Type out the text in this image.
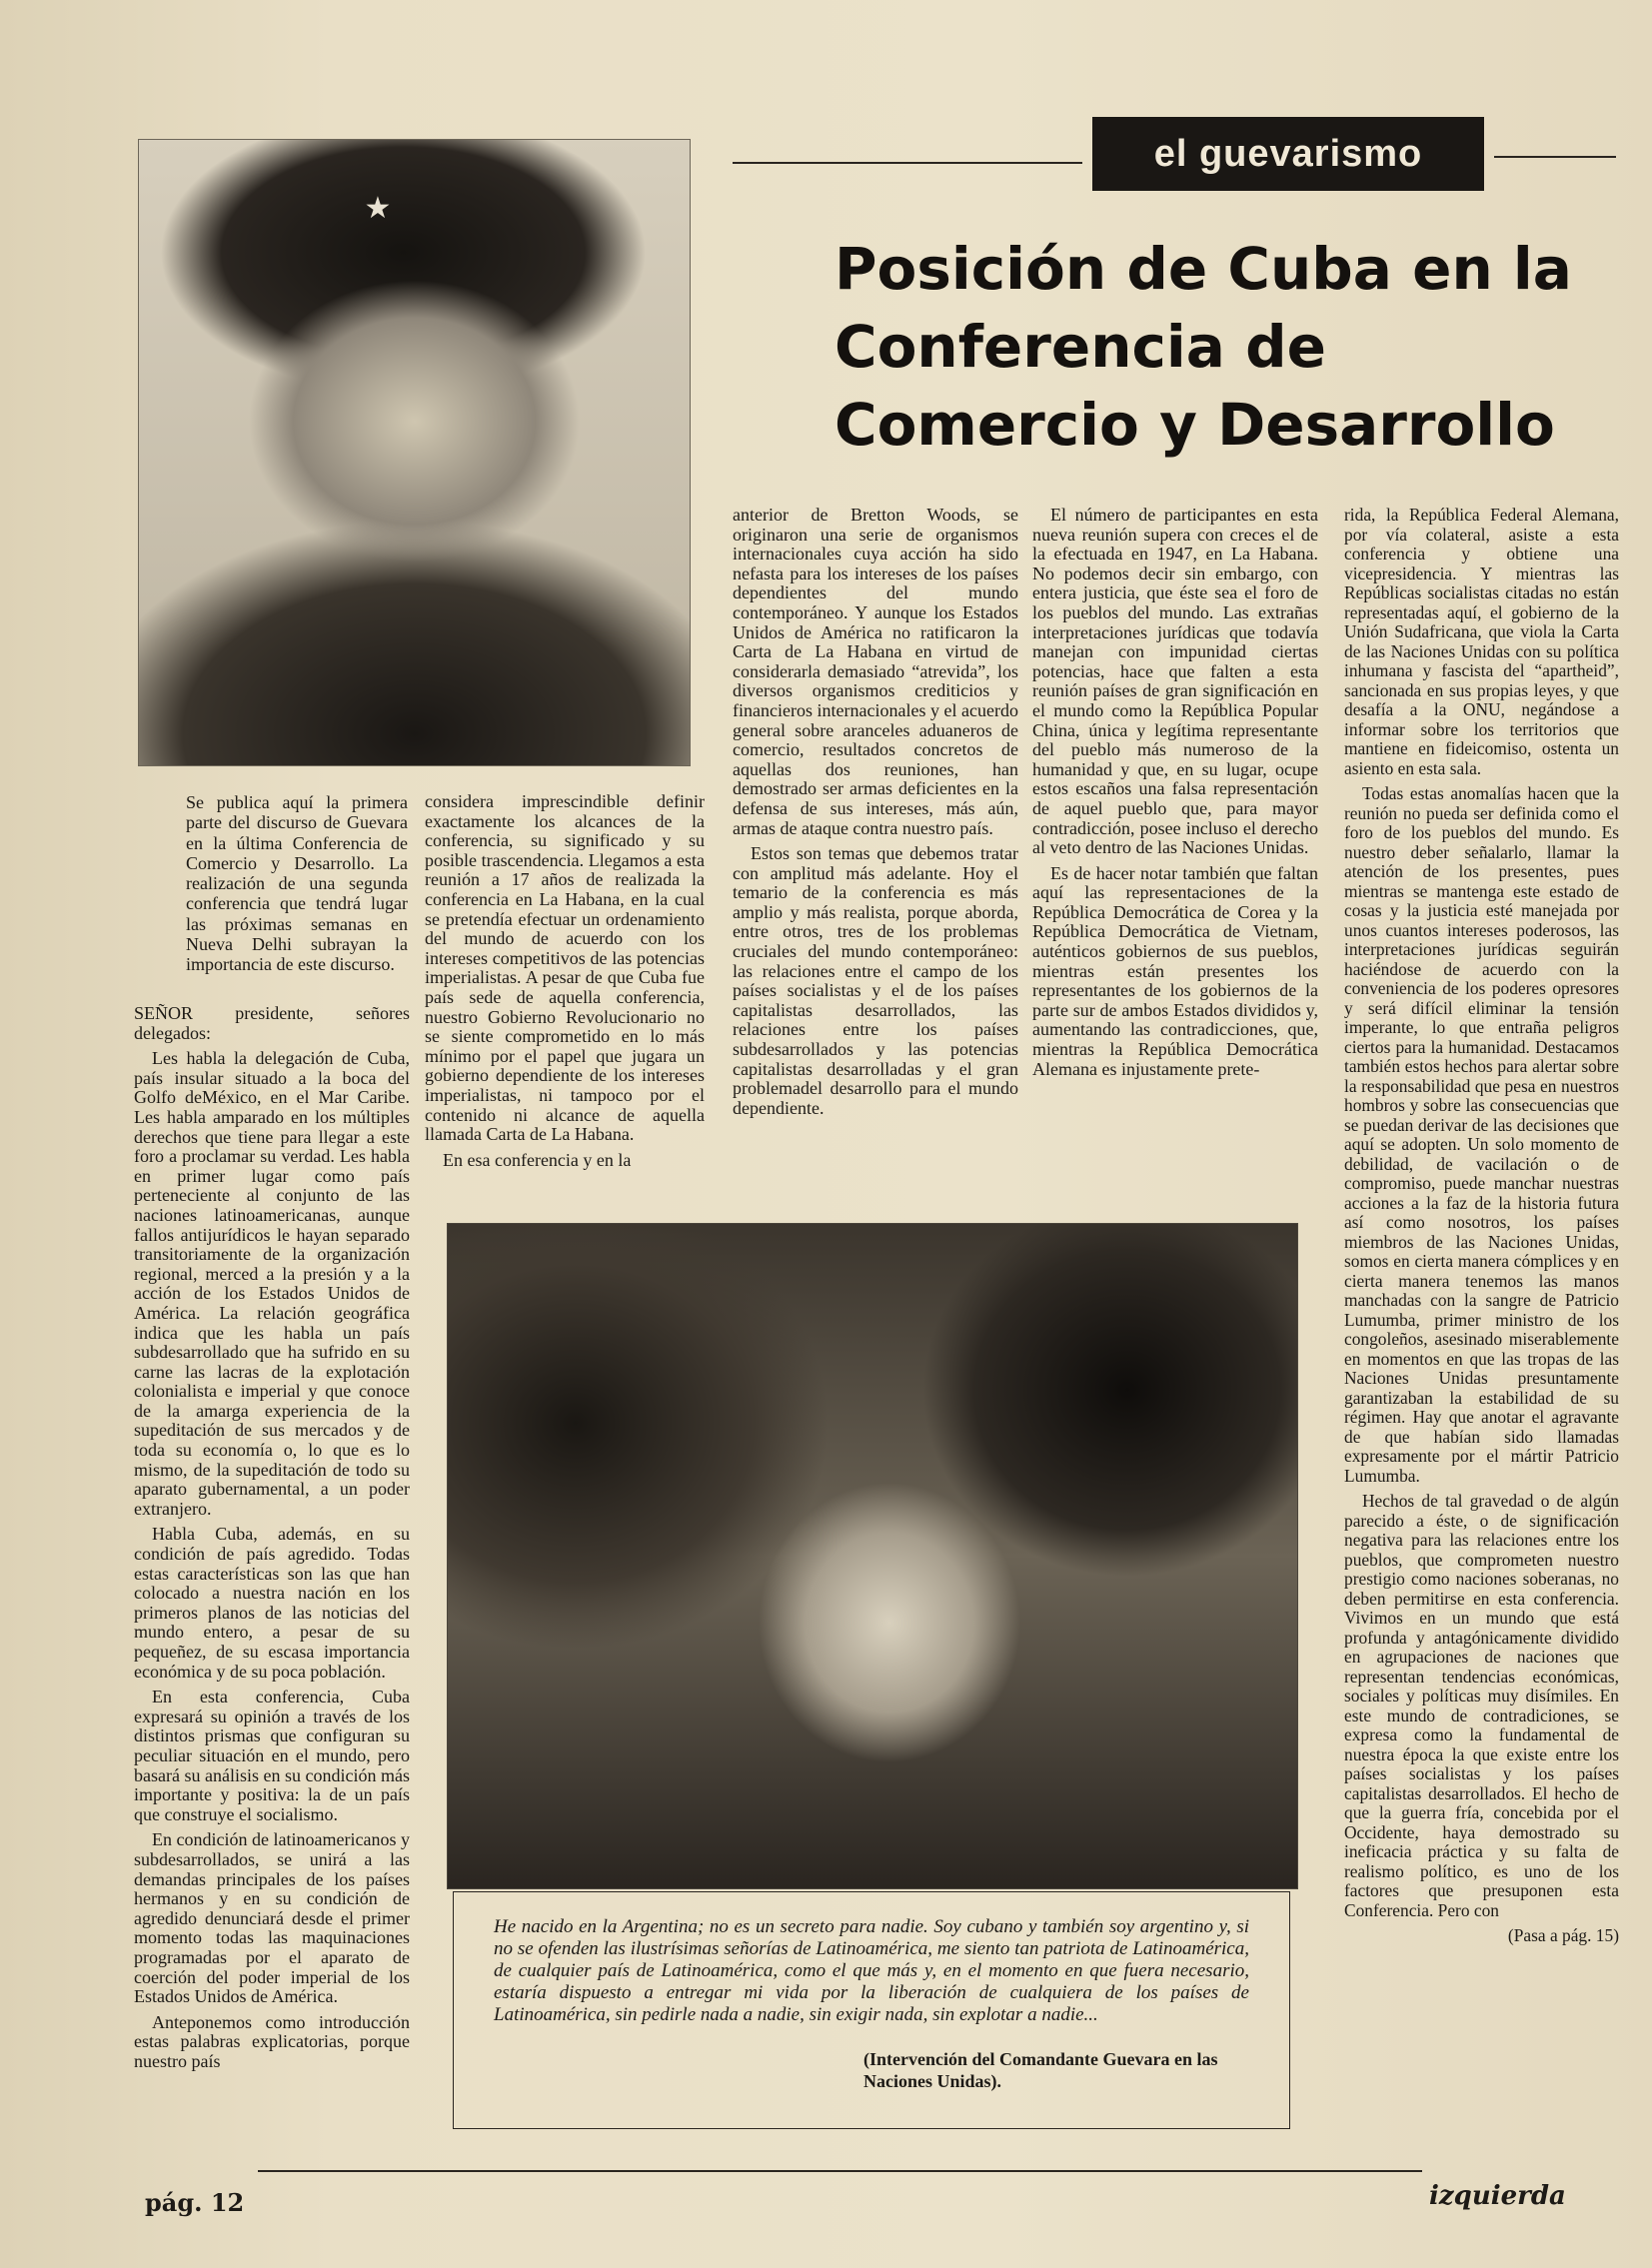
★
el guevarismo
Posición de Cuba en la
Conferencia de
Comercio y Desarrollo
Se publica aquí la primera parte del discurso de Guevara en la última Conferencia de Comercio y Desarrollo. La realización de una segunda conferencia que tendrá lugar las próximas semanas en Nueva Delhi subrayan la importancia de este discurso.

SEÑOR presidente, señores delegados:

Les habla la delegación de Cuba, país insular situado a la boca del Golfo deMéxico, en el Mar Caribe. Les habla amparado en los múltiples derechos que tiene para llegar a este foro a proclamar su verdad. Les habla en primer lugar como país perteneciente al conjunto de las naciones latinoamericanas, aunque fallos antijurídicos le hayan separado transitoriamente de la organización regional, merced a la presión y a la acción de los Estados Unidos de América. La relación geográfica indica que les habla un país subdesarrollado que ha sufrido en su carne las lacras de la explotación colonialista e imperial y que conoce de la amarga experiencia de la supeditación de sus mercados y de toda su economía o, lo que es lo mismo, de la supeditación de todo su aparato gubernamental, a un poder extranjero.

Habla Cuba, además, en su condición de país agredido. Todas estas características son las que han colocado a nuestra nación en los primeros planos de las noticias del mundo entero, a pesar de su pequeñez, de su escasa importancia económica y de su poca población.

En esta conferencia, Cuba expresará su opinión a través de los distintos prismas que configuran su peculiar situación en el mundo, pero basará su análisis en su condición más importante y positiva: la de un país que construye el socialismo.

En condición de latinoamericanos y subdesarrollados, se unirá a las demandas principales de los países hermanos y en su condición de agredido denunciará desde el primer momento todas las maquinaciones programadas por el aparato de coerción del poder imperial de los Estados Unidos de América.

Anteponemos como introducción estas palabras explicatorias, porque nuestro país

considera imprescindible definir exactamente los alcances de la conferencia, su significado y su posible trascendencia. Llegamos a esta reunión a 17 años de realizada la conferencia en La Habana, en la cual se pretendía efectuar un ordenamiento del mundo de acuerdo con los intereses competitivos de las potencias imperialistas. A pesar de que Cuba fue país sede de aquella conferencia, nuestro Gobierno Revolucionario no se siente comprometido en lo más mínimo por el papel que jugara un gobierno dependiente de los intereses imperialistas, ni tampoco por el contenido ni alcance de aquella llamada Carta de La Habana.

En esa conferencia y en la

anterior de Bretton Woods, se originaron una serie de organismos internacionales cuya acción ha sido nefasta para los intereses de los países dependientes del mundo contemporáneo. Y aunque los Estados Unidos de América no ratificaron la Carta de La Habana en virtud de considerarla demasiado “atrevida”, los diversos organismos crediticios y financieros internacionales y el acuerdo general sobre aranceles aduaneros de comercio, resultados concretos de aquellas dos reuniones, han demostrado ser armas deficientes en la defensa de sus intereses, más aún, armas de ataque contra nuestro país.

Estos son temas que debemos tratar con amplitud más adelante. Hoy el temario de la conferencia es más amplio y más realista, porque aborda, entre otros, tres de los problemas cruciales del mundo contemporáneo: las relaciones entre el campo de los países socialistas y el de los países capitalistas desarrollados, las relaciones entre los países subdesarrollados y las potencias capitalistas desarrolladas y el gran problemadel desarrollo para el mundo dependiente.

El número de participantes en esta nueva reunión supera con creces el de la efectuada en 1947, en La Habana. No podemos decir sin embargo, con entera justicia, que éste sea el foro de los pueblos del mundo. Las extrañas interpretaciones jurídicas que todavía manejan con impunidad ciertas potencias, hace que falten a esta reunión países de gran significación en el mundo como la República Popular China, única y legítima representante del pueblo más numeroso de la humanidad y que, en su lugar, ocupe estos escaños una falsa representación de aquel pueblo que, para mayor contradicción, posee incluso el derecho al veto dentro de las Naciones Unidas.

Es de hacer notar también que faltan aquí las representaciones de la República Democrática de Corea y la República Democrática de Vietnam, auténticos gobiernos de sus pueblos, mientras están presentes los representantes de los gobiernos de la parte sur de ambos Estados divididos y, aumentando las contradicciones, que, mientras la República Democrática Alemana es injustamente prete-

rida, la República Federal Alemana, por vía colateral, asiste a esta conferencia y obtiene una vicepresidencia. Y mientras las Repúblicas socialistas citadas no están representadas aquí, el gobierno de la Unión Sudafricana, que viola la Carta de las Naciones Unidas con su política inhumana y fascista del “apartheid”, sancionada en sus propias leyes, y que desafía a la ONU, negándose a informar sobre los territorios que mantiene en fideicomiso, ostenta un asiento en esta sala.

Todas estas anomalías hacen que la reunión no pueda ser definida como el foro de los pueblos del mundo. Es nuestro deber señalarlo, llamar la atención de los presentes, pues mientras se mantenga este estado de cosas y la justicia esté manejada por unos cuantos intereses poderosos, las interpretaciones jurídicas seguirán haciéndose de acuerdo con la conveniencia de los poderes opresores y será difícil eliminar la tensión imperante, lo que entraña peligros ciertos para la humanidad. Destacamos también estos hechos para alertar sobre la responsabilidad que pesa en nuestros hombros y sobre las consecuencias que se puedan derivar de las decisiones que aquí se adopten. Un solo momento de debilidad, de vacilación o de compromiso, puede manchar nuestras acciones a la faz de la historia futura así como nosotros, los países miembros de las Naciones Unidas, somos en cierta manera cómplices y en cierta manera tenemos las manos manchadas con la sangre de Patricio Lumumba, primer ministro de los congoleños, asesinado miserablemente en momentos en que las tropas de las Naciones Unidas presuntamente garantizaban la estabilidad de su régimen. Hay que anotar el agravante de que habían sido llamadas expresamente por el mártir Patricio Lumumba.

Hechos de tal gravedad o de algún parecido a éste, o de significación negativa para las relaciones entre los pueblos, que comprometen nuestro prestigio como naciones soberanas, no deben permitirse en esta conferencia. Vivimos en un mundo que está profunda y antagónicamente dividido en agrupaciones de naciones que representan tendencias económicas, sociales y políticas muy disímiles. En este mundo de contradiciones, se expresa como la fundamental de nuestra época la que existe entre los países socialistas y los países capitalistas desarrollados. El hecho de que la guerra fría, concebida por el Occidente, haya demostrado su ineficacia práctica y su falta de realismo político, es uno de los factores que presuponen esta Conferencia. Pero con

(Pasa a pág. 15)

He nacido en la Argentina; no es un secreto para nadie. Soy cubano y también soy argentino y, si no se ofenden las ilustrísimas señorías de Latinoamérica, me siento tan patriota de Latinoamérica, de cualquier país de Latinoamérica, como el que más y, en el momento en que fuera necesario, estaría dispuesto a entregar mi vida por la liberación de cualquiera de los países de Latinoamérica, sin pedirle nada a nadie, sin exigir nada, sin explotar a nadie...
(Intervención del Comandante Guevara en las Naciones Unidas).
pág. 12	izquierda
